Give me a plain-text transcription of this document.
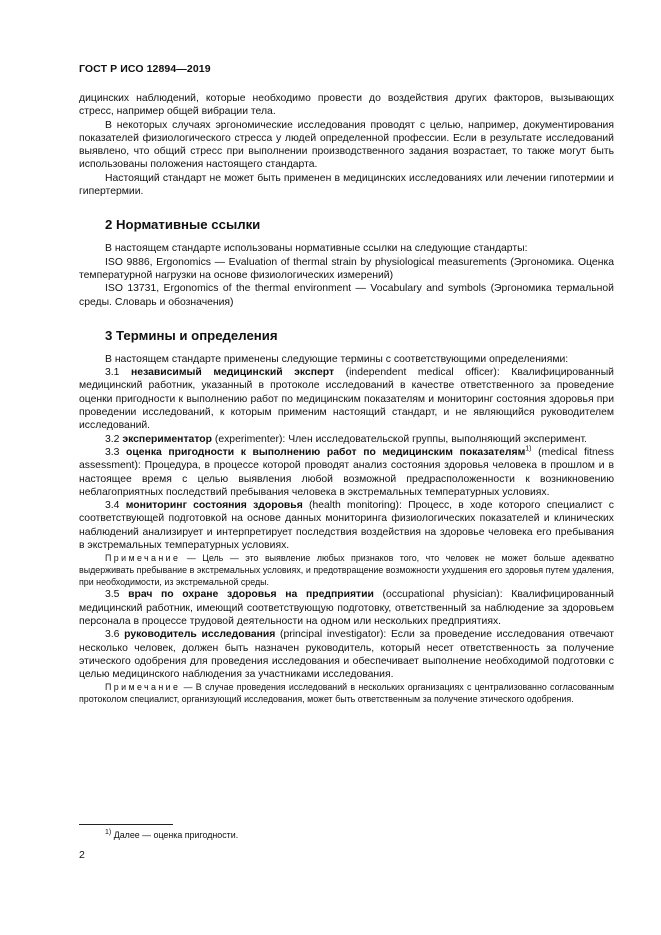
ГОСТ Р ИСО 12894—2019

дицинских наблюдений, которые необходимо провести до воздействия других факторов, вызывающих стресс, например общей вибрации тела.

В некоторых случаях эргономические исследования проводят с целью, например, документирования показателей физиологического стресса у людей определенной профессии. Если в результате исследований выявлено, что общий стресс при выполнении производственного задания возрастает, то также могут быть использованы положения настоящего стандарта.

Настоящий стандарт не может быть применен в медицинских исследованиях или лечении гипотермии и гипертермии.

2 Нормативные ссылки

В настоящем стандарте использованы нормативные ссылки на следующие стандарты:

ISO 9886, Ergonomics — Evaluation of thermal strain by physiological measurements (Эргономика. Оценка температурной нагрузки на основе физиологических измерений)

ISO 13731, Ergonomics of the thermal environment — Vocabulary and symbols (Эргономика термальной среды. Словарь и обозначения)

3 Термины и определения

В настоящем стандарте применены следующие термины с соответствующими определениями:

3.1 независимый медицинский эксперт (independent medical officer): Квалифицированный медицинский работник, указанный в протоколе исследований в качестве ответственного за проведение оценки пригодности к выполнению работ по медицинским показателям и мониторинг состояния здоровья при проведении исследований, к которым применим настоящий стандарт, и не являющийся руководителем исследований.

3.2 экспериментатор (experimenter): Член исследовательской группы, выполняющий эксперимент.

3.3 оценка пригодности к выполнению работ по медицинским показателям$^{1)}$ (medical fitness assessment): Процедура, в процессе которой проводят анализ состояния здоровья человека в прошлом и в настоящее время с целью выявления любой возможной предрасположенности к возникновению неблагоприятных последствий пребывания человека в экстремальных температурных условиях.

3.4 мониторинг состояния здоровья (health monitoring): Процесс, в ходе которого специалист с соответствующей подготовкой на основе данных мониторинга физиологических показателей и клинических наблюдений анализирует и интерпретирует последствия воздействия на здоровье человека его пребывания в экстремальных температурных условиях.

Примечание — Цель — это выявление любых признаков того, что человек не может больше адекватно выдерживать пребывание в экстремальных условиях, и предотвращение возможности ухудшения его здоровья путем удаления, при необходимости, из экстремальной среды.

3.5 врач по охране здоровья на предприятии (occupational physician): Квалифицированный медицинский работник, имеющий соответствующую подготовку, ответственный за наблюдение за здоровьем персонала в процессе трудовой деятельности на одном или нескольких предприятиях.

3.6 руководитель исследования (principal investigator): Если за проведение исследования отвечают несколько человек, должен быть назначен руководитель, который несет ответственность за получение этического одобрения для проведения исследования и обеспечивает выполнение необходимой подготовки с целью медицинского наблюдения за участниками исследования.

Примечание — В случае проведения исследований в нескольких организациях с централизованно согласованным протоколом специалист, организующий исследования, может быть ответственным за получение этического одобрения.

$^{1)}$ Далее — оценка пригодности.
2
